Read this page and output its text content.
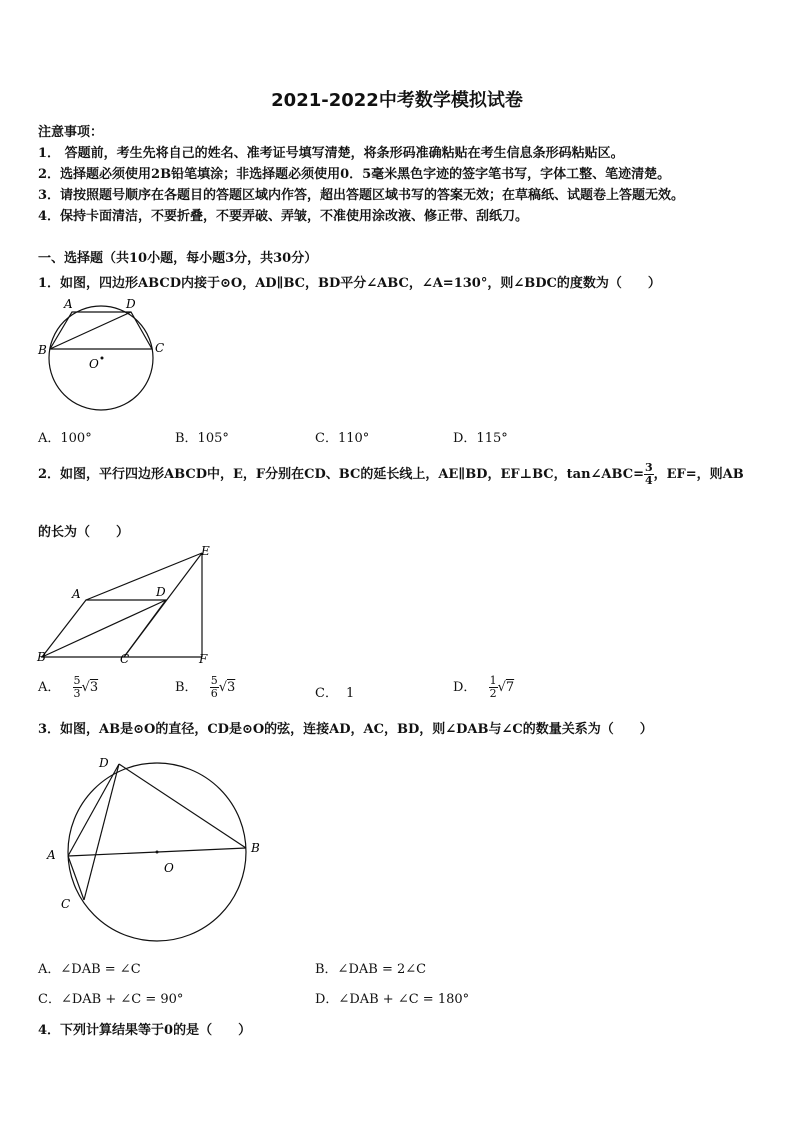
2021-2022中考数学模拟试卷
注意事项：
1． 答题前，考生先将自己的姓名、准考证号填写清楚，将条形码准确粘贴在考生信息条形码粘贴区。
2．选择题必须使用2B铅笔填涂；非选择题必须使用0．5毫米黑色字迹的签字笔书写，字体工整、笔迹清楚。
3．请按照题号顺序在各题目的答题区域内作答，超出答题区域书写的答案无效；在草稿纸、试题卷上答题无效。
4．保持卡面清洁，不要折叠，不要弄破、弄皱，不准使用涂改液、修正带、刮纸刀。
一、选择题（共10小题，每小题3分，共30分）
1．如图，四边形ABCD内接于⊙O，AD∥BC，BD平分∠ABC，∠A=130°，则∠BDC的度数为（　　）
A	D
B	C
O
A．100°	B．105°	C．110°	D．115°
2．如图，平行四边形ABCD中，E，F分别在CD、BC的延长线上，AE∥BD，EF⊥BC，tan∠ABC= $\frac{3}{4}$ ，EF=，则AB
的长为（　　）
A	D
E
B	C	F
A． $\frac{5}{3} √3$	B． $\frac{5}{6} √3$	C． 1	D． $\frac{1}{2} √7$
3．如图，AB是⊙O的直径，CD是⊙O的弦，连接AD，AC，BD，则∠DAB与∠C的数量关系为（　　）
D
A	B
C
O
A．∠DAB = ∠C	B．∠DAB = 2∠C
C．∠DAB + ∠C = 90°	D．∠DAB + ∠C = 180°
4．下列计算结果等于0的是（　　）
